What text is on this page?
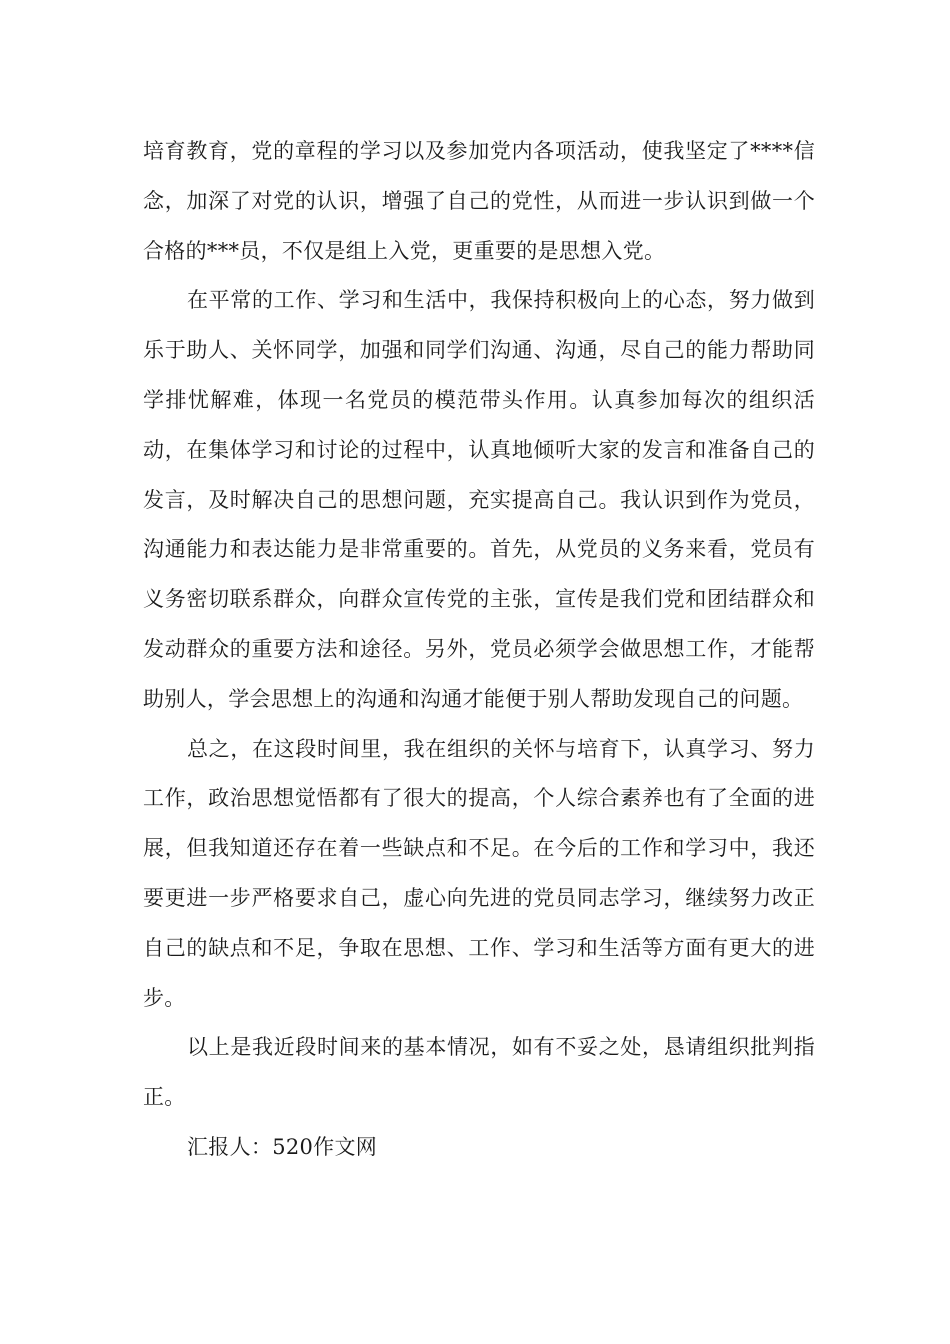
培育教育，党的章程的学习以及参加党内各项活动，使我坚定了****信念，加深了对党的认识，增强了自己的党性，从而进一步认识到做一个合格的***员，不仅是组上入党，更重要的是思想入党。

在平常的工作、学习和生活中，我保持积极向上的心态，努力做到乐于助人、关怀同学，加强和同学们沟通、沟通，尽自己的能力帮助同学排忧解难，体现一名党员的模范带头作用。认真参加每次的组织活动，在集体学习和讨论的过程中，认真地倾听大家的发言和准备自己的发言，及时解决自己的思想问题，充实提高自己。我认识到作为党员，沟通能力和表达能力是非常重要的。首先，从党员的义务来看，党员有义务密切联系群众，向群众宣传党的主张，宣传是我们党和团结群众和发动群众的重要方法和途径。另外，党员必须学会做思想工作，才能帮助别人，学会思想上的沟通和沟通才能便于别人帮助发现自己的问题。

总之，在这段时间里，我在组织的关怀与培育下，认真学习、努力工作，政治思想觉悟都有了很大的提高，个人综合素养也有了全面的进展，但我知道还存在着一些缺点和不足。在今后的工作和学习中，我还要更进一步严格要求自己，虚心向先进的党员同志学习，继续努力改正自己的缺点和不足，争取在思想、工作、学习和生活等方面有更大的进步。

以上是我近段时间来的基本情况，如有不妥之处，恳请组织批判指正。

汇报人：520作文网
